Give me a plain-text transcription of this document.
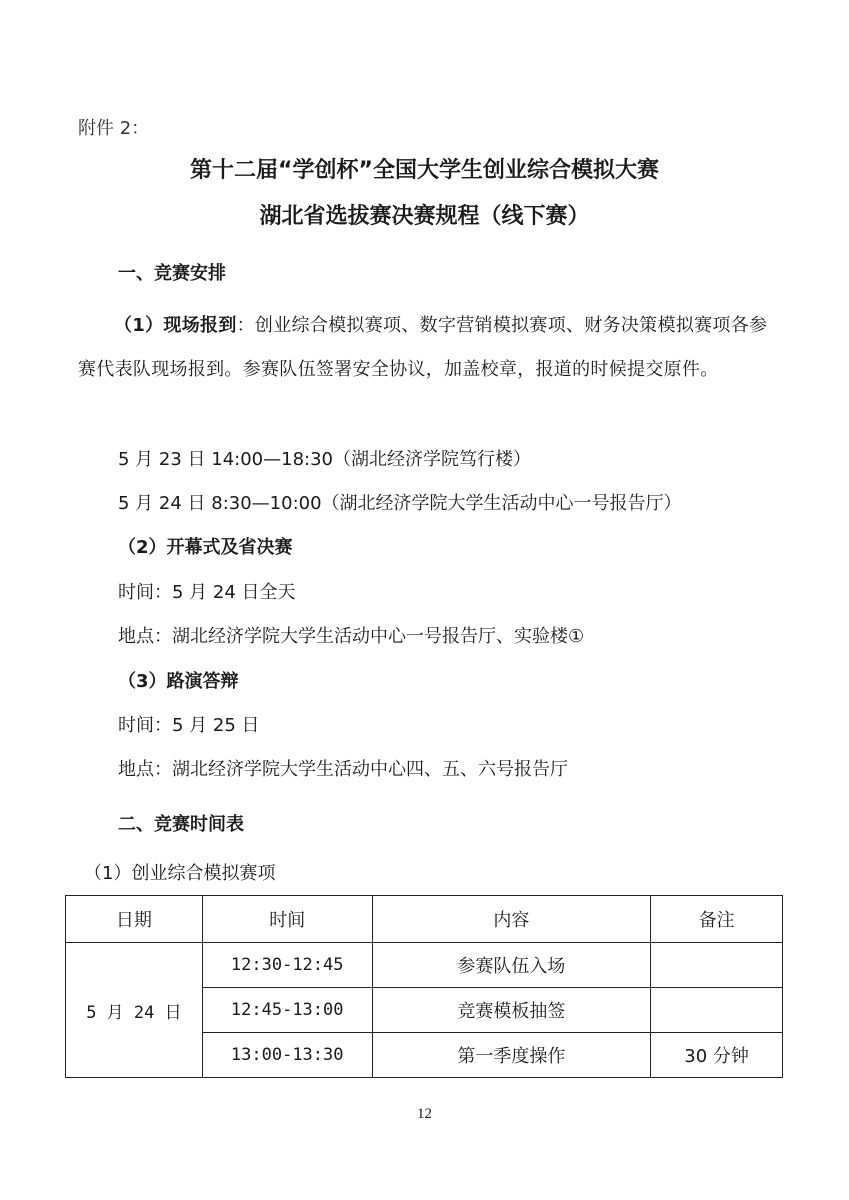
附件 2：
第十二届“学创杯”全国大学生创业综合模拟大赛
湖北省选拔赛决赛规程（线下赛）
一、竞赛安排
（1）现场报到：创业综合模拟赛项、数字营销模拟赛项、财务决策模拟赛项各参赛代表队现场报到。参赛队伍签署安全协议，加盖校章，报道的时候提交原件。
5 月 23 日 14:00—18:30（湖北经济学院笃行楼）
5 月 24 日 8:30—10:00（湖北经济学院大学生活动中心一号报告厅）
（2）开幕式及省决赛
时间：5 月 24 日全天
地点：湖北经济学院大学生活动中心一号报告厅、实验楼①
（3）路演答辩
时间：5 月 25 日
地点：湖北经济学院大学生活动中心四、五、六号报告厅
二、竞赛时间表
（1）创业综合模拟赛项
日期	时间	内容	备注
5 月 24 日	12:30-12:45	参赛队伍入场	
	12:45-13:00	竞赛模板抽签	
	13:00-13:30	第一季度操作	30 分钟
12
